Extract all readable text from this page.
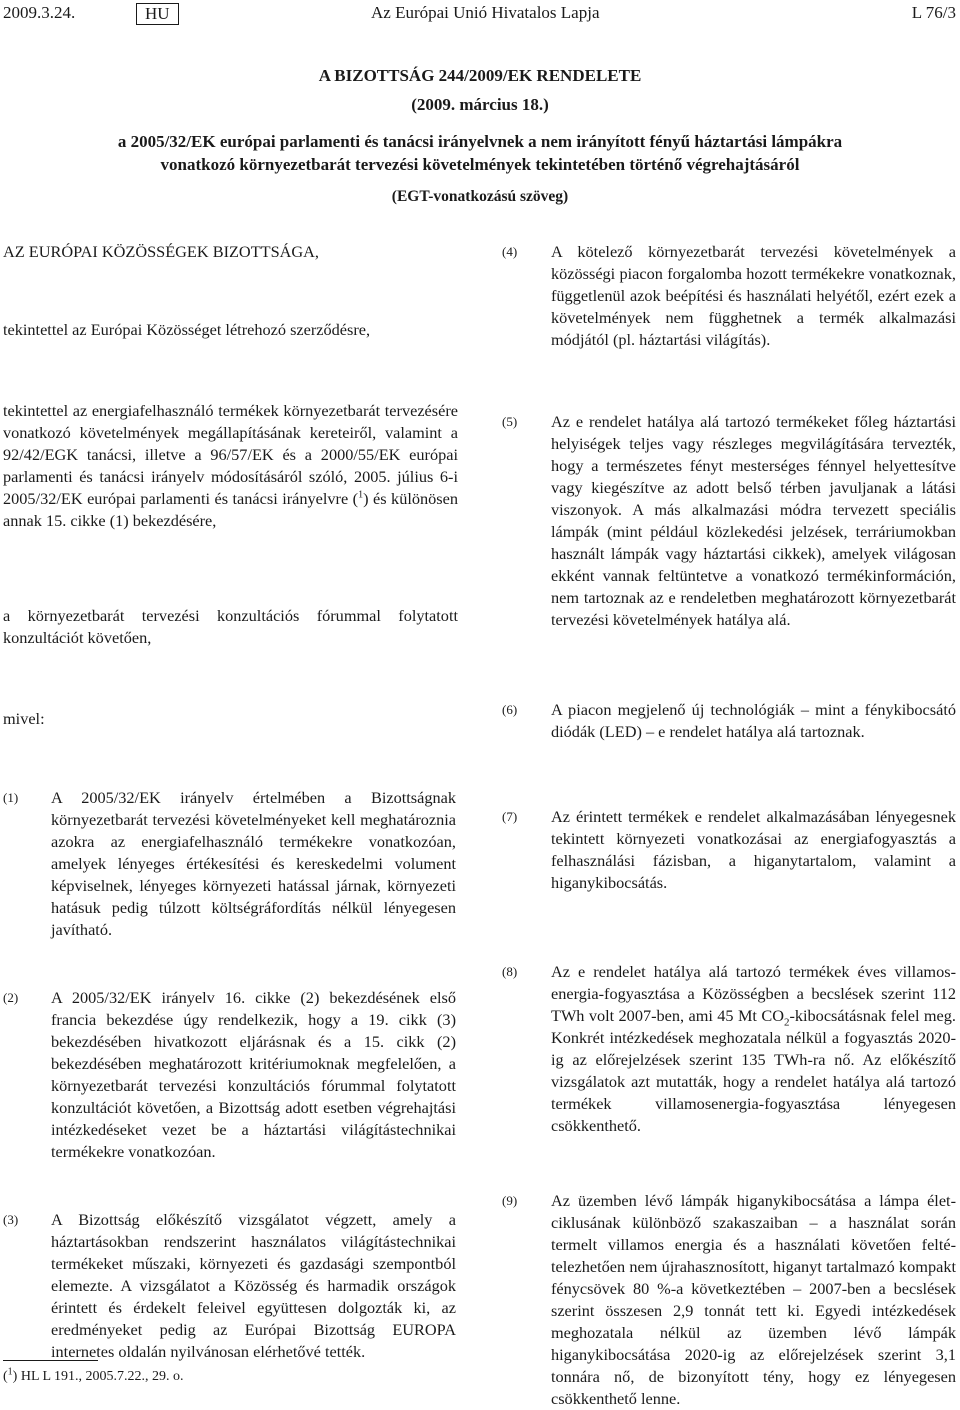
2009.3.24.	HU	Az Európai Unió Hivatalos Lapja	L 76/3
A BIZOTTSÁG 244/2009/EK RENDELETE
(2009. március 18.)
a 2005/32/EK európai parlamenti és tanácsi irányelvnek a nem irányított fényű háztartási lámpákra
vonatkozó környezetbarát tervezési követelmények tekintetében történő végrehajtásáról
(EGT-vonatkozású szöveg)
AZ EURÓPAI KÖZÖSSÉGEK BIZOTTSÁGA,
tekintettel az Európai Közösséget létrehozó szerződésre,
tekintettel az energiafelhasználó termékek környezetbarát tervezésére vonatkozó követelmények megállapításának kereteiről, valamint a 92/42/EGK tanácsi, illetve a 96/57/EK és a 2000/55/EK európai parlamenti és tanácsi irányelv módosításáról szóló, 2005. július 6-i 2005/32/EK európai parlamenti és tanácsi irányelvre ($^1$) és különösen annak 15. cikke (1) bekezdésére,
a környezetbarát tervezési konzultációs fórummal folytatott konzultációt követően,
mivel:
(1) A 2005/32/EK irányelv értelmében a Bizottságnak környezetbarát tervezési követelményeket kell meghatároznia azokra az energiafelhasználó termékekre vonatkozóan, amelyek lényeges értékesítési és kereskedelmi volument képviselnek, lényeges környezeti hatással járnak, környezeti hatásuk pedig túlzott költségráfordítás nélkül lényegesen javítható.
(2) A 2005/32/EK irányelv 16. cikke (2) bekezdésének első francia bekezdése úgy rendelkezik, hogy a 19. cikk (3) bekezdésében hivatkozott eljárásnak és a 15. cikk (2) bekezdésében meghatározott kritériumoknak megfelelően, a környezetbarát tervezési konzultációs fórummal folytatott konzultációt követően, a Bizottság adott esetben végrehajtási intézkedéseket vezet be a háztartási világítástechnikai termékekre vonatkozóan.
(3) A Bizottság előkészítő vizsgálatot végzett, amely a háztartásokban rendszerint használatos világítástechnikai termékeket műszaki, környezeti és gazdasági szempontból elemezte. A vizsgálatot a Közösség és harmadik országok érintett és érdekelt feleivel együttesen dolgozták ki, az eredményeket pedig az Európai Bizottság EUROPA internetes oldalán nyilvánosan elérhetővé tették.
(4) A kötelező környezetbarát tervezési követelmények a közösségi piacon forgalomba hozott termékekre vonatkoznak, függetlenül azok beépítési és használati helyétől, ezért ezek a követelmények nem függhetnek a termék alkalmazási módjától (pl. háztartási világítás).
(5) Az e rendelet hatálya alá tartozó termékeket főleg háztartási helyiségek teljes vagy részleges megvilágítására tervezték, hogy a természetes fényt mesterséges fénnyel helyettesítve vagy kiegészítve az adott belső térben javuljanak a látási viszonyok. A más alkalmazási módra tervezett speciális lámpák (mint például közlekedési jelzések, terráriumokban használt lámpák vagy háztartási cikkek), amelyek világosan ekként vannak feltüntetve a vonatkozó termékinformáción, nem tartoznak az e rendeletben meghatározott környezetbarát tervezési követelmények hatálya alá.
(6) A piacon megjelenő új technológiák – mint a fénykibocsátó diódák (LED) – e rendelet hatálya alá tartoznak.
(7) Az érintett termékek e rendelet alkalmazásában lényegesnek tekintett környezeti vonatkozásai az energiafogyasztás a felhasználási fázisban, a higanytartalom, valamint a higanykibocsátás.
(8) Az e rendelet hatálya alá tartozó termékek éves villamosenergia-fogyasztása a Közösségben a becslések szerint 112 TWh volt 2007-ben, ami 45 Mt $CO_2$-kibocsátásnak felel meg. Konkrét intézkedések meghozatala nélkül a fogyasztás 2020-ig az előrejelzések szerint 135 TWh-ra nő. Az előkészítő vizsgálatok azt mutatták, hogy a rendelet hatálya alá tartozó termékek villamosenergia-fogyasztása lényegesen csökkenthető.
(9) Az üzemben lévő lámpák higanykibocsátása a lámpa életciklusának különböző szakaszaiban – a használat során termelt villamos energia és a használati követően feltételezhetően nem újrahasznosított, higanyt tartalmazó kompakt fénycsövek 80 %-a következtében – 2007-ben a becslések szerint összesen 2,9 tonnát tett ki. Egyedi intézkedések meghozatala nélkül az üzemben lévő lámpák higanykibocsátása 2020-ig az előrejelzések szerint 3,1 tonnára nő, de bizonyított tény, hogy ez lényegesen csökkenthető lenne.
($^1$) HL L 191., 2005.7.22., 29. o.
